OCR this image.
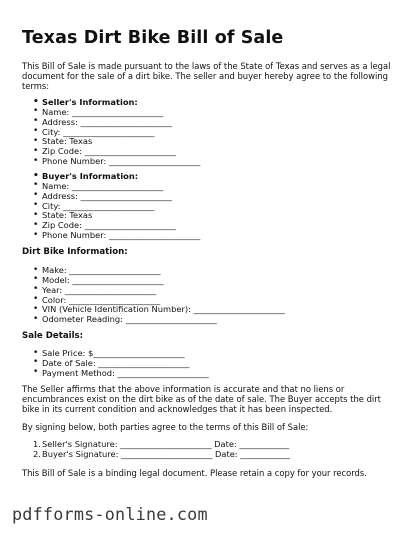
Texas Dirt Bike Bill of Sale

This Bill of Sale is made pursuant to the laws of the State of Texas and serves as a legal document for the sale of a dirt bike. The seller and buyer hereby agree to the following terms:

• Seller's Information:
• Name: ______________________
• Address: ______________________
• City: ______________________
• State: Texas
• Zip Code: ______________________
• Phone Number: ______________________
• Buyer's Information:
• Name: ______________________
• Address: ______________________
• City: ______________________
• State: Texas
• Zip Code: ______________________
• Phone Number: ______________________
Dirt Bike Information:
• Make: ______________________
• Model: ______________________
• Year: ______________________
• Color: ______________________
• VIN (Vehicle Identification Number): ______________________
• Odometer Reading: ______________________
Sale Details:
• Sale Price: $______________________
• Date of Sale: ______________________
• Payment Method: ______________________

The Seller affirms that the above information is accurate and that no liens or encumbrances exist on the dirt bike as of the date of sale. The Buyer accepts the dirt bike in its current condition and acknowledges that it has been inspected.

By signing below, both parties agree to the terms of this Bill of Sale:

1. Seller's Signature: ______________________ Date: ____________
2. Buyer's Signature: ______________________ Date: ____________

This Bill of Sale is a binding legal document. Please retain a copy for your records.

pdfforms-online.com
